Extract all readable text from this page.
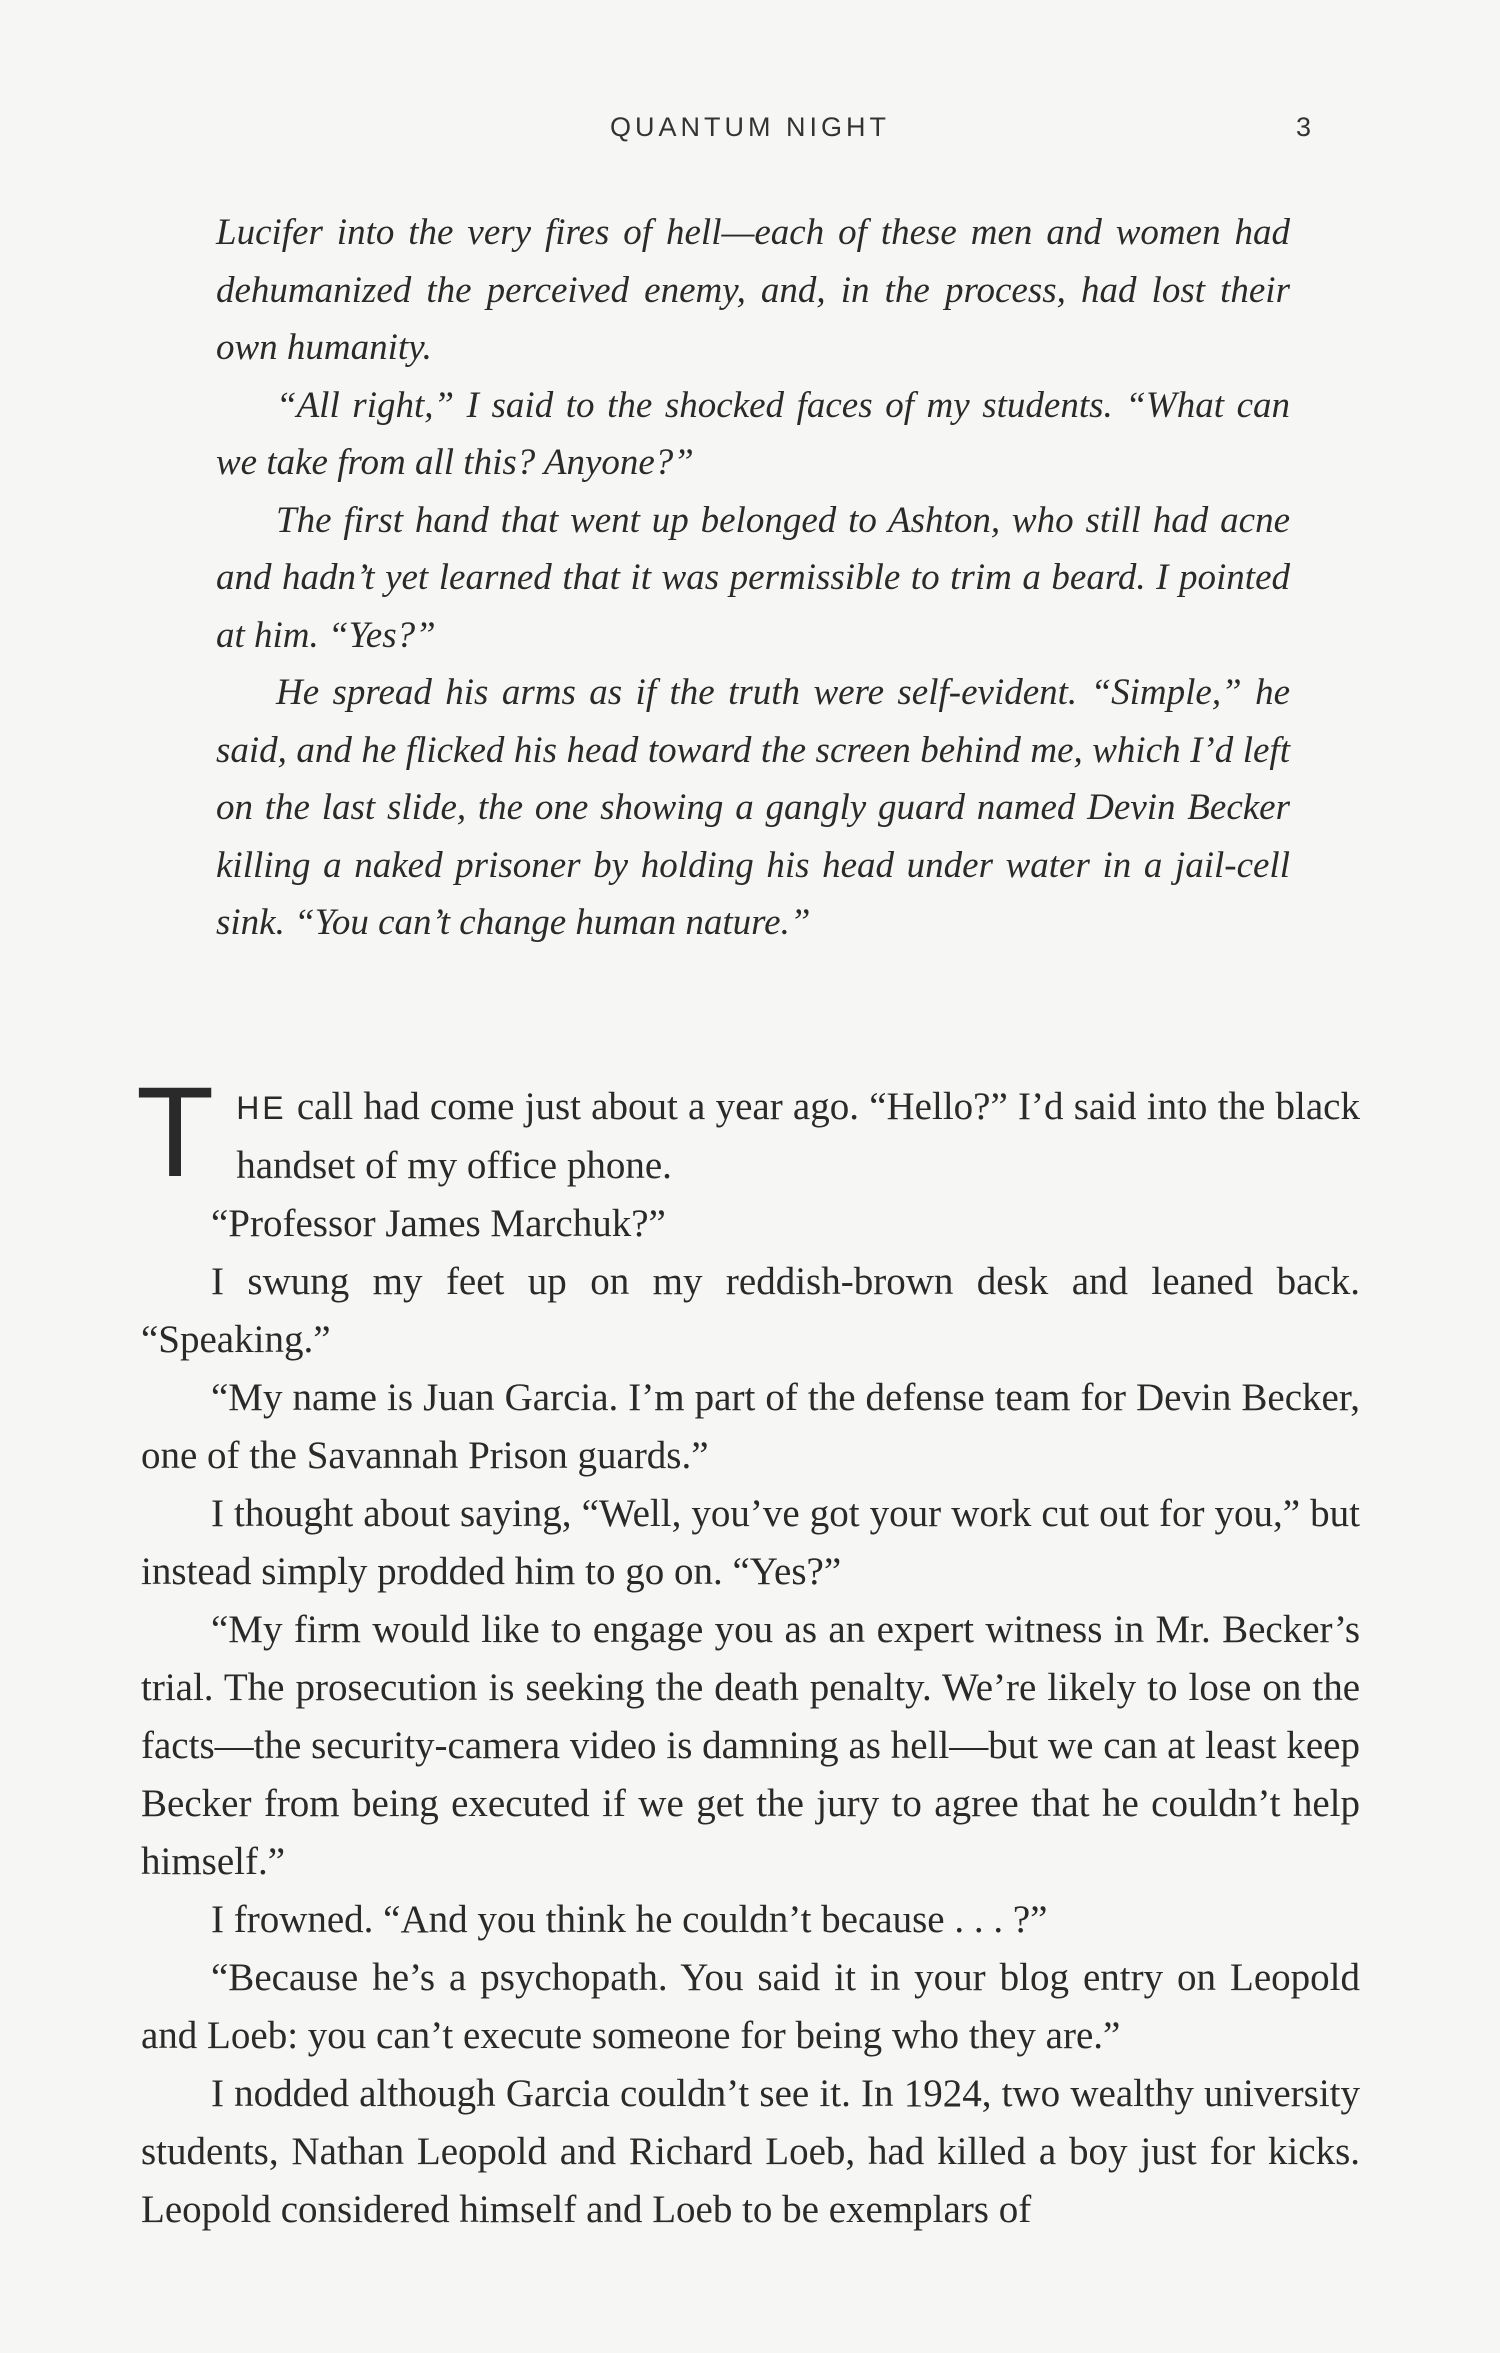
QUANTUM NIGHT	3

Lucifer into the very fires of hell—each of these men and women had dehumanized the perceived enemy, and, in the process, had lost their own humanity.

“All right,” I said to the shocked faces of my students. “What can we take from all this? Anyone?”

The first hand that went up belonged to Ashton, who still had acne and hadn’t yet learned that it was permissible to trim a beard. I pointed at him. “Yes?”

He spread his arms as if the truth were self-evident. “Simple,” he said, and he flicked his head toward the screen behind me, which I’d left on the last slide, the one showing a gangly guard named Devin Becker killing a naked prisoner by holding his head under water in a jail-cell sink. “You can’t change human nature.”

THE call had come just about a year ago. “Hello?” I’d said into the black handset of my office phone.

“Professor James Marchuk?”

I swung my feet up on my reddish-brown desk and leaned back. “Speaking.”

“My name is Juan Garcia. I’m part of the defense team for Devin Becker, one of the Savannah Prison guards.”

I thought about saying, “Well, you’ve got your work cut out for you,” but instead simply prodded him to go on. “Yes?”

“My firm would like to engage you as an expert witness in Mr. Becker’s trial. The prosecution is seeking the death penalty. We’re likely to lose on the facts—the security-camera video is damning as hell—but we can at least keep Becker from being executed if we get the jury to agree that he couldn’t help himself.”

I frowned. “And you think he couldn’t because . . . ?”

“Because he’s a psychopath. You said it in your blog entry on Leopold and Loeb: you can’t execute someone for being who they are.”

I nodded although Garcia couldn’t see it. In 1924, two wealthy university students, Nathan Leopold and Richard Loeb, had killed a boy just for kicks. Leopold considered himself and Loeb to be exemplars of
